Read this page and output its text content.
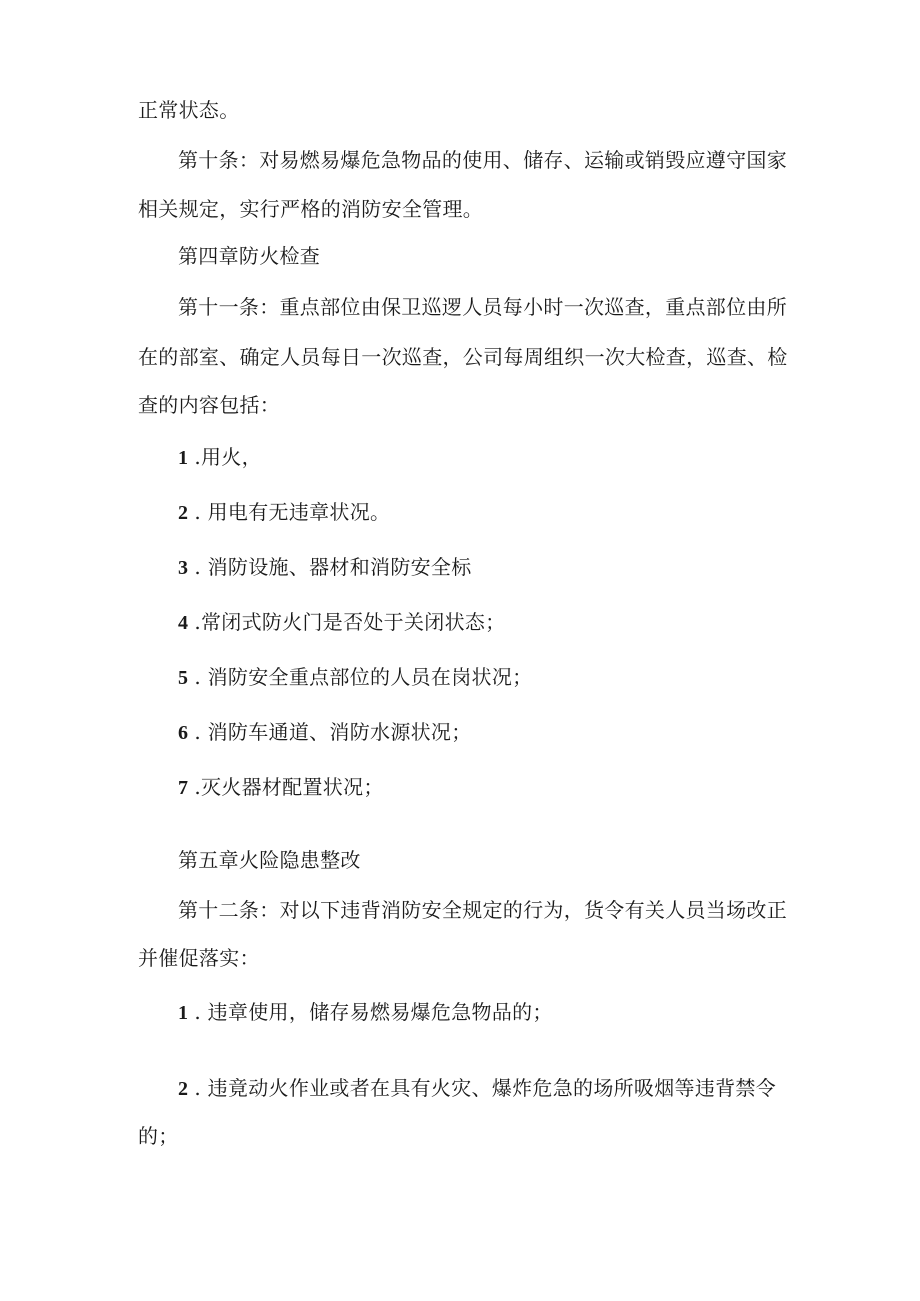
正常状态。
第十条：对易燃易爆危急物品的使用、储存、运输或销毁应遵守国家
相关规定，实行严格的消防安全管理。
第四章防火检查
第十一条：重点部位由保卫巡逻人员每小时一次巡查，重点部位由所
在的部室、确定人员每日一次巡查，公司每周组织一次大检查，巡查、检
查的内容包括：
1 .用火，
2 . 用电有无违章状况。
3 . 消防设施、器材和消防安全标
4 .常闭式防火门是否处于关闭状态；
5 . 消防安全重点部位的人员在岗状况；
6 . 消防车通道、消防水源状况；
7 .灭火器材配置状况；
第五章火险隐患整改
第十二条：对以下违背消防安全规定的行为，货令有关人员当场改正
并催促落实：
1 . 违章使用，储存易燃易爆危急物品的；
2 . 违竟动火作业或者在具有火灾、爆炸危急的场所吸烟等违背禁令
的；
